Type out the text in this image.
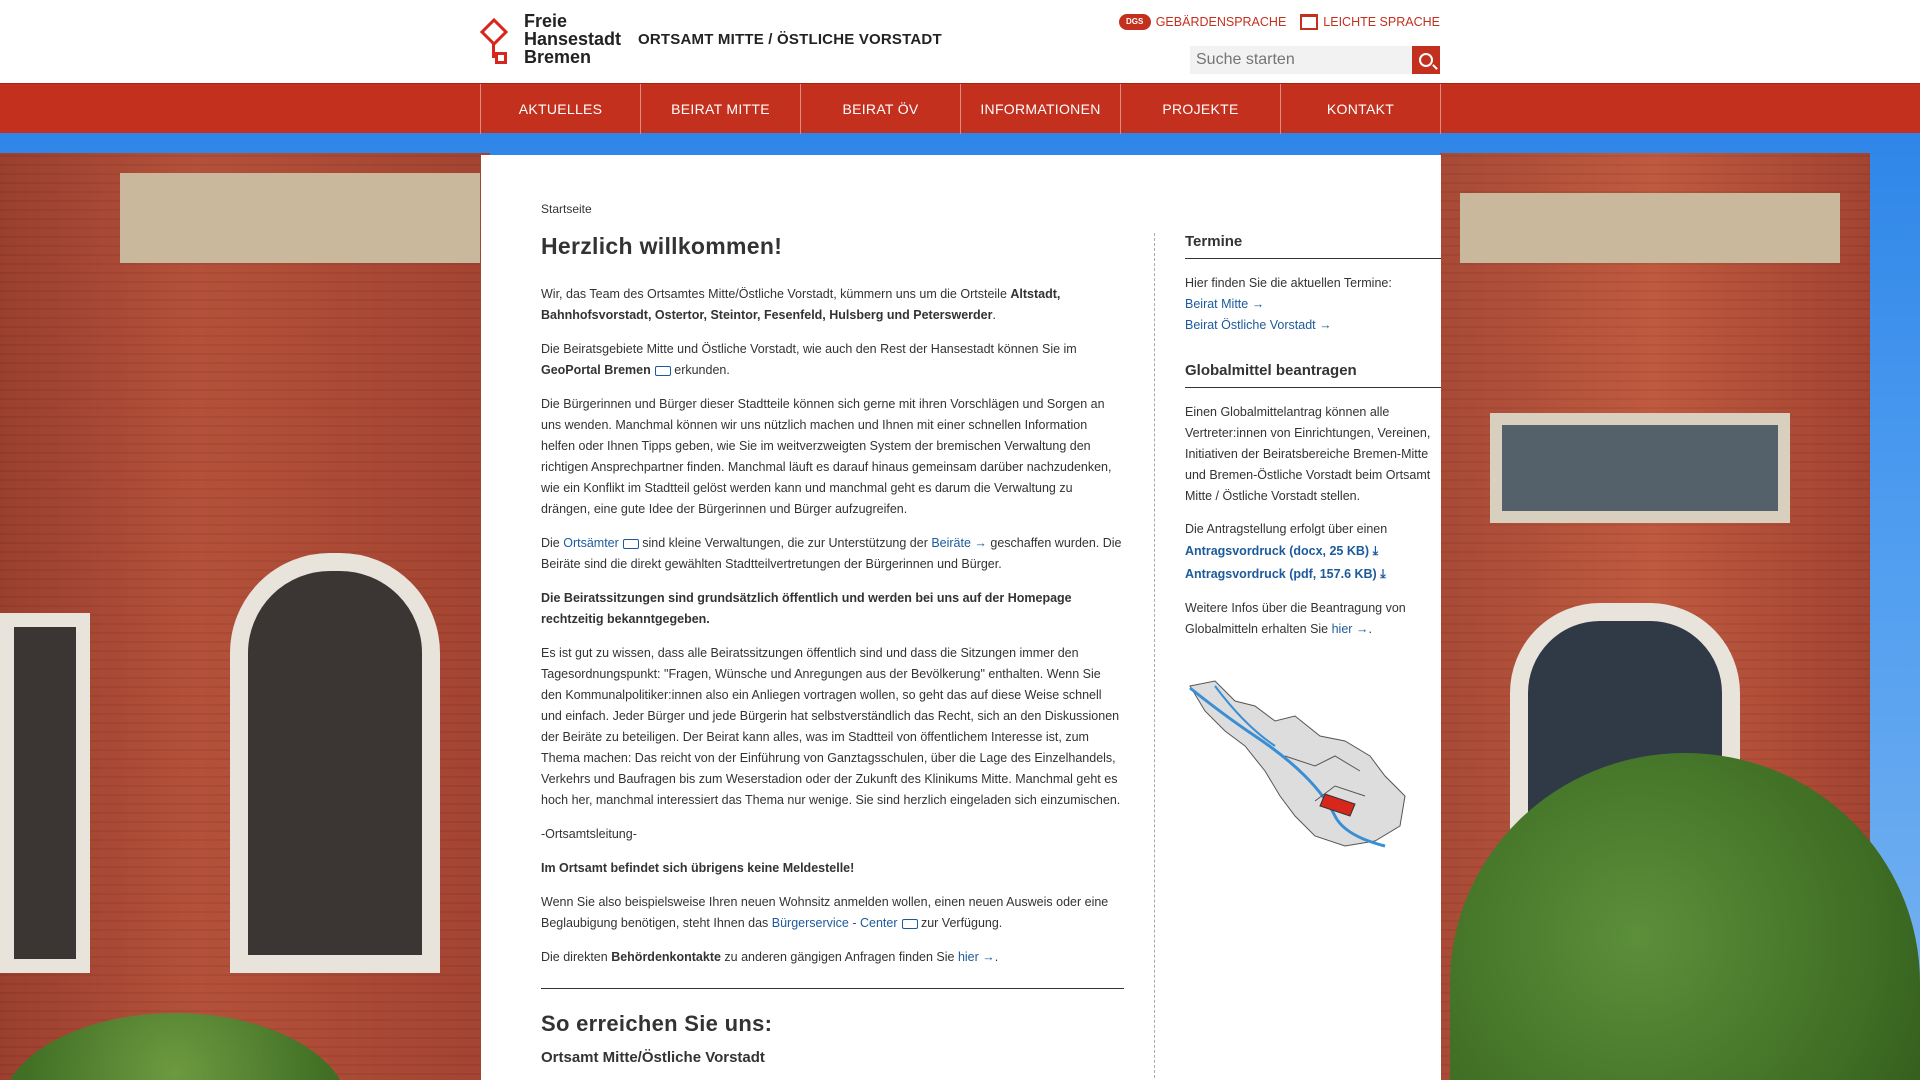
Freie
Hansestadt
Bremen
ORTSAMT MITTE / ÖSTLICHE VORSTADT
DGS GEBÄRDENSPRACHE	LEICHTE SPRACHE
Suche starten
AKTUELLES	BEIRAT MITTE	BEIRAT ÖV	INFORMATIONEN	PROJEKTE	KONTAKT
Startseite
Herzlich willkommen!

Wir, das Team des Ortsamtes Mitte/Östliche Vorstadt, kümmern uns um die Ortsteile Altstadt, Bahnhofsvorstadt, Ostertor, Steintor, Fesenfeld, Hulsberg und Peterswerder.

Die Beiratsgebiete Mitte und Östliche Vorstadt, wie auch den Rest der Hansestadt können Sie im GeoPortal Bremen erkunden.

Die Bürgerinnen und Bürger dieser Stadtteile können sich gerne mit ihren Vorschlägen und Sorgen an uns wenden. Manchmal können wir uns nützlich machen und Ihnen mit einer schnellen Information helfen oder Ihnen Tipps geben, wie Sie im weitverzweigten System der bremischen Verwaltung den richtigen Ansprechpartner finden. Manchmal läuft es darauf hinaus gemeinsam darüber nachzudenken, wie ein Konflikt im Stadtteil gelöst werden kann und manchmal geht es darum die Verwaltung zu drängen, eine gute Idee der Bürgerinnen und Bürger aufzugreifen.

Die Ortsämter sind kleine Verwaltungen, die zur Unterstützung der Beiräte → geschaffen wurden. Die Beiräte sind die direkt gewählten Stadtteilvertretungen der Bürgerinnen und Bürger.

Die Beiratssitzungen sind grundsätzlich öffentlich und werden bei uns auf der Homepage rechtzeitig bekanntgegeben.

Es ist gut zu wissen, dass alle Beiratssitzungen öffentlich sind und dass die Sitzungen immer den Tagesordnungspunkt: "Fragen, Wünsche und Anregungen aus der Bevölkerung" enthalten. Wenn Sie den Kommunalpolitiker:innen also ein Anliegen vortragen wollen, so geht das auf diese Weise schnell und einfach. Jeder Bürger und jede Bürgerin hat selbstverständlich das Recht, sich an den Diskussionen der Beiräte zu beteiligen. Der Beirat kann alles, was im Stadtteil von öffentlichem Interesse ist, zum Thema machen: Das reicht von der Einführung von Ganztagsschulen, über die Lage des Einzelhandels, Verkehrs und Baufragen bis zum Weserstadion oder der Zukunft des Klinikums Mitte. Manchmal geht es hoch her, manchmal interessiert das Thema nur wenige. Sie sind herzlich eingeladen sich einzumischen.

-Ortsamtsleitung-

Im Ortsamt befindet sich übrigens keine Meldestelle!

Wenn Sie also beispielsweise Ihren neuen Wohnsitz anmelden wollen, einen neuen Ausweis oder eine Beglaubigung benötigen, steht Ihnen das Bürgerservice - Center zur Verfügung.

Die direkten Behördenkontakte zu anderen gängigen Anfragen finden Sie hier →.

So erreichen Sie uns:
Ortsamt Mitte/Östliche Vorstadt
Termine

Hier finden Sie die aktuellen Termine:

Beirat Mitte →
Beirat Östliche Vorstadt →
Globalmittel beantragen

Einen Globalmittelantrag können alle Vertreter:innen von Einrichtungen, Vereinen, Initiativen der Beiratsbereiche Bremen-Mitte und Bremen-Östliche Vorstadt beim Ortsamt Mitte / Östliche Vorstadt stellen.

Die Antragstellung erfolgt über einen

Antragsvordruck (docx, 25 KB) ⤓
Antragsvordruck (pdf, 157.6 KB) ⤓

Weitere Infos über die Beantragung von Globalmitteln erhalten Sie hier →.
